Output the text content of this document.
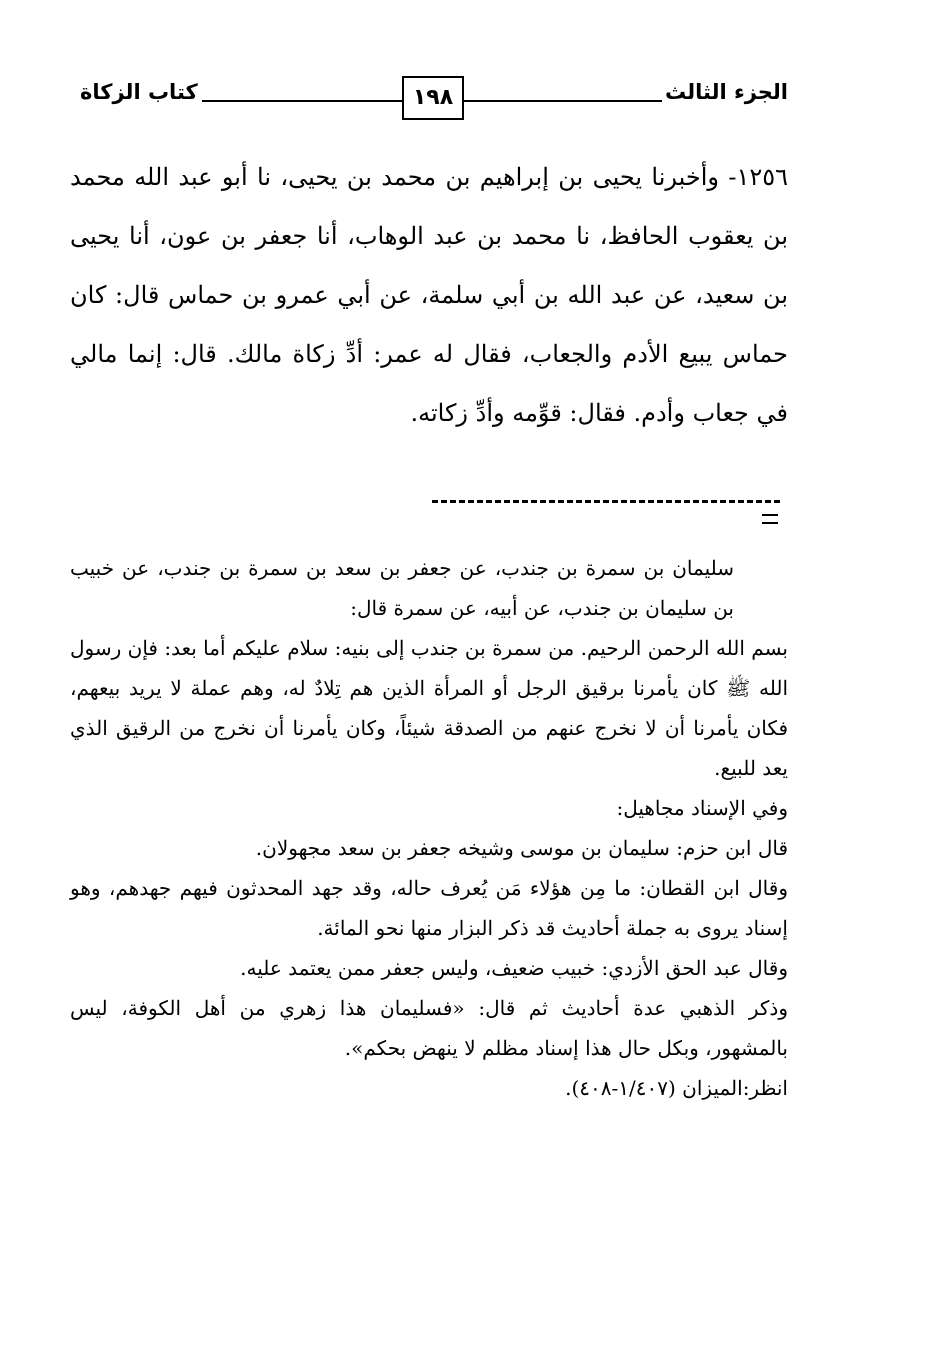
الجزء الثالث
١٩٨
كتاب الزكاة

١٢٥٦- وأخبرنا يحيى بن إبراهيم بن محمد بن يحيى، نا أبو عبد الله محمد بن يعقوب الحافظ، نا محمد بن عبد الوهاب، أنا جعفر بن عون، أنا يحيى بن سعيد، عن عبد الله بن أبي سلمة، عن أبي عمرو بن حماس قال: كان حماس يبيع الأدم والجعاب، فقال له عمر: أدِّ زكاة مالك. قال: إنما مالي في جعاب وأدم. فقال: قوِّمه وأدِّ زكاته.

سليمان بن سمرة بن جندب، عن جعفر بن سعد بن سمرة بن جندب، عن خبيب بن سليمان بن جندب، عن أبيه، عن سمرة قال:

بسم الله الرحمن الرحيم. من سمرة بن جندب إلى بنيه: سلام عليكم أما بعد: فإن رسول الله ﷺ كان يأمرنا برقيق الرجل أو المرأة الذين هم تِلادٌ له، وهم عملة لا يريد بيعهم، فكان يأمرنا أن لا نخرج عنهم من الصدقة شيئاً، وكان يأمرنا أن نخرج من الرقيق الذي يعد للبيع.

وفي الإسناد مجاهيل:

قال ابن حزم: سليمان بن موسى وشيخه جعفر بن سعد مجهولان.

وقال ابن القطان: ما مِن هؤلاء مَن يُعرف حاله، وقد جهد المحدثون فيهم جهدهم، وهو إسناد يروى به جملة أحاديث قد ذكر البزار منها نحو المائة.

وقال عبد الحق الأزدي: خبيب ضعيف، وليس جعفر ممن يعتمد عليه.

وذكر الذهبي عدة أحاديث ثم قال: «فسليمان هذا زهري من أهل الكوفة، ليس بالمشهور، وبكل حال هذا إسناد مظلم لا ينهض بحكم».

انظر:الميزان (١/٤٠٧-٤٠٨).
